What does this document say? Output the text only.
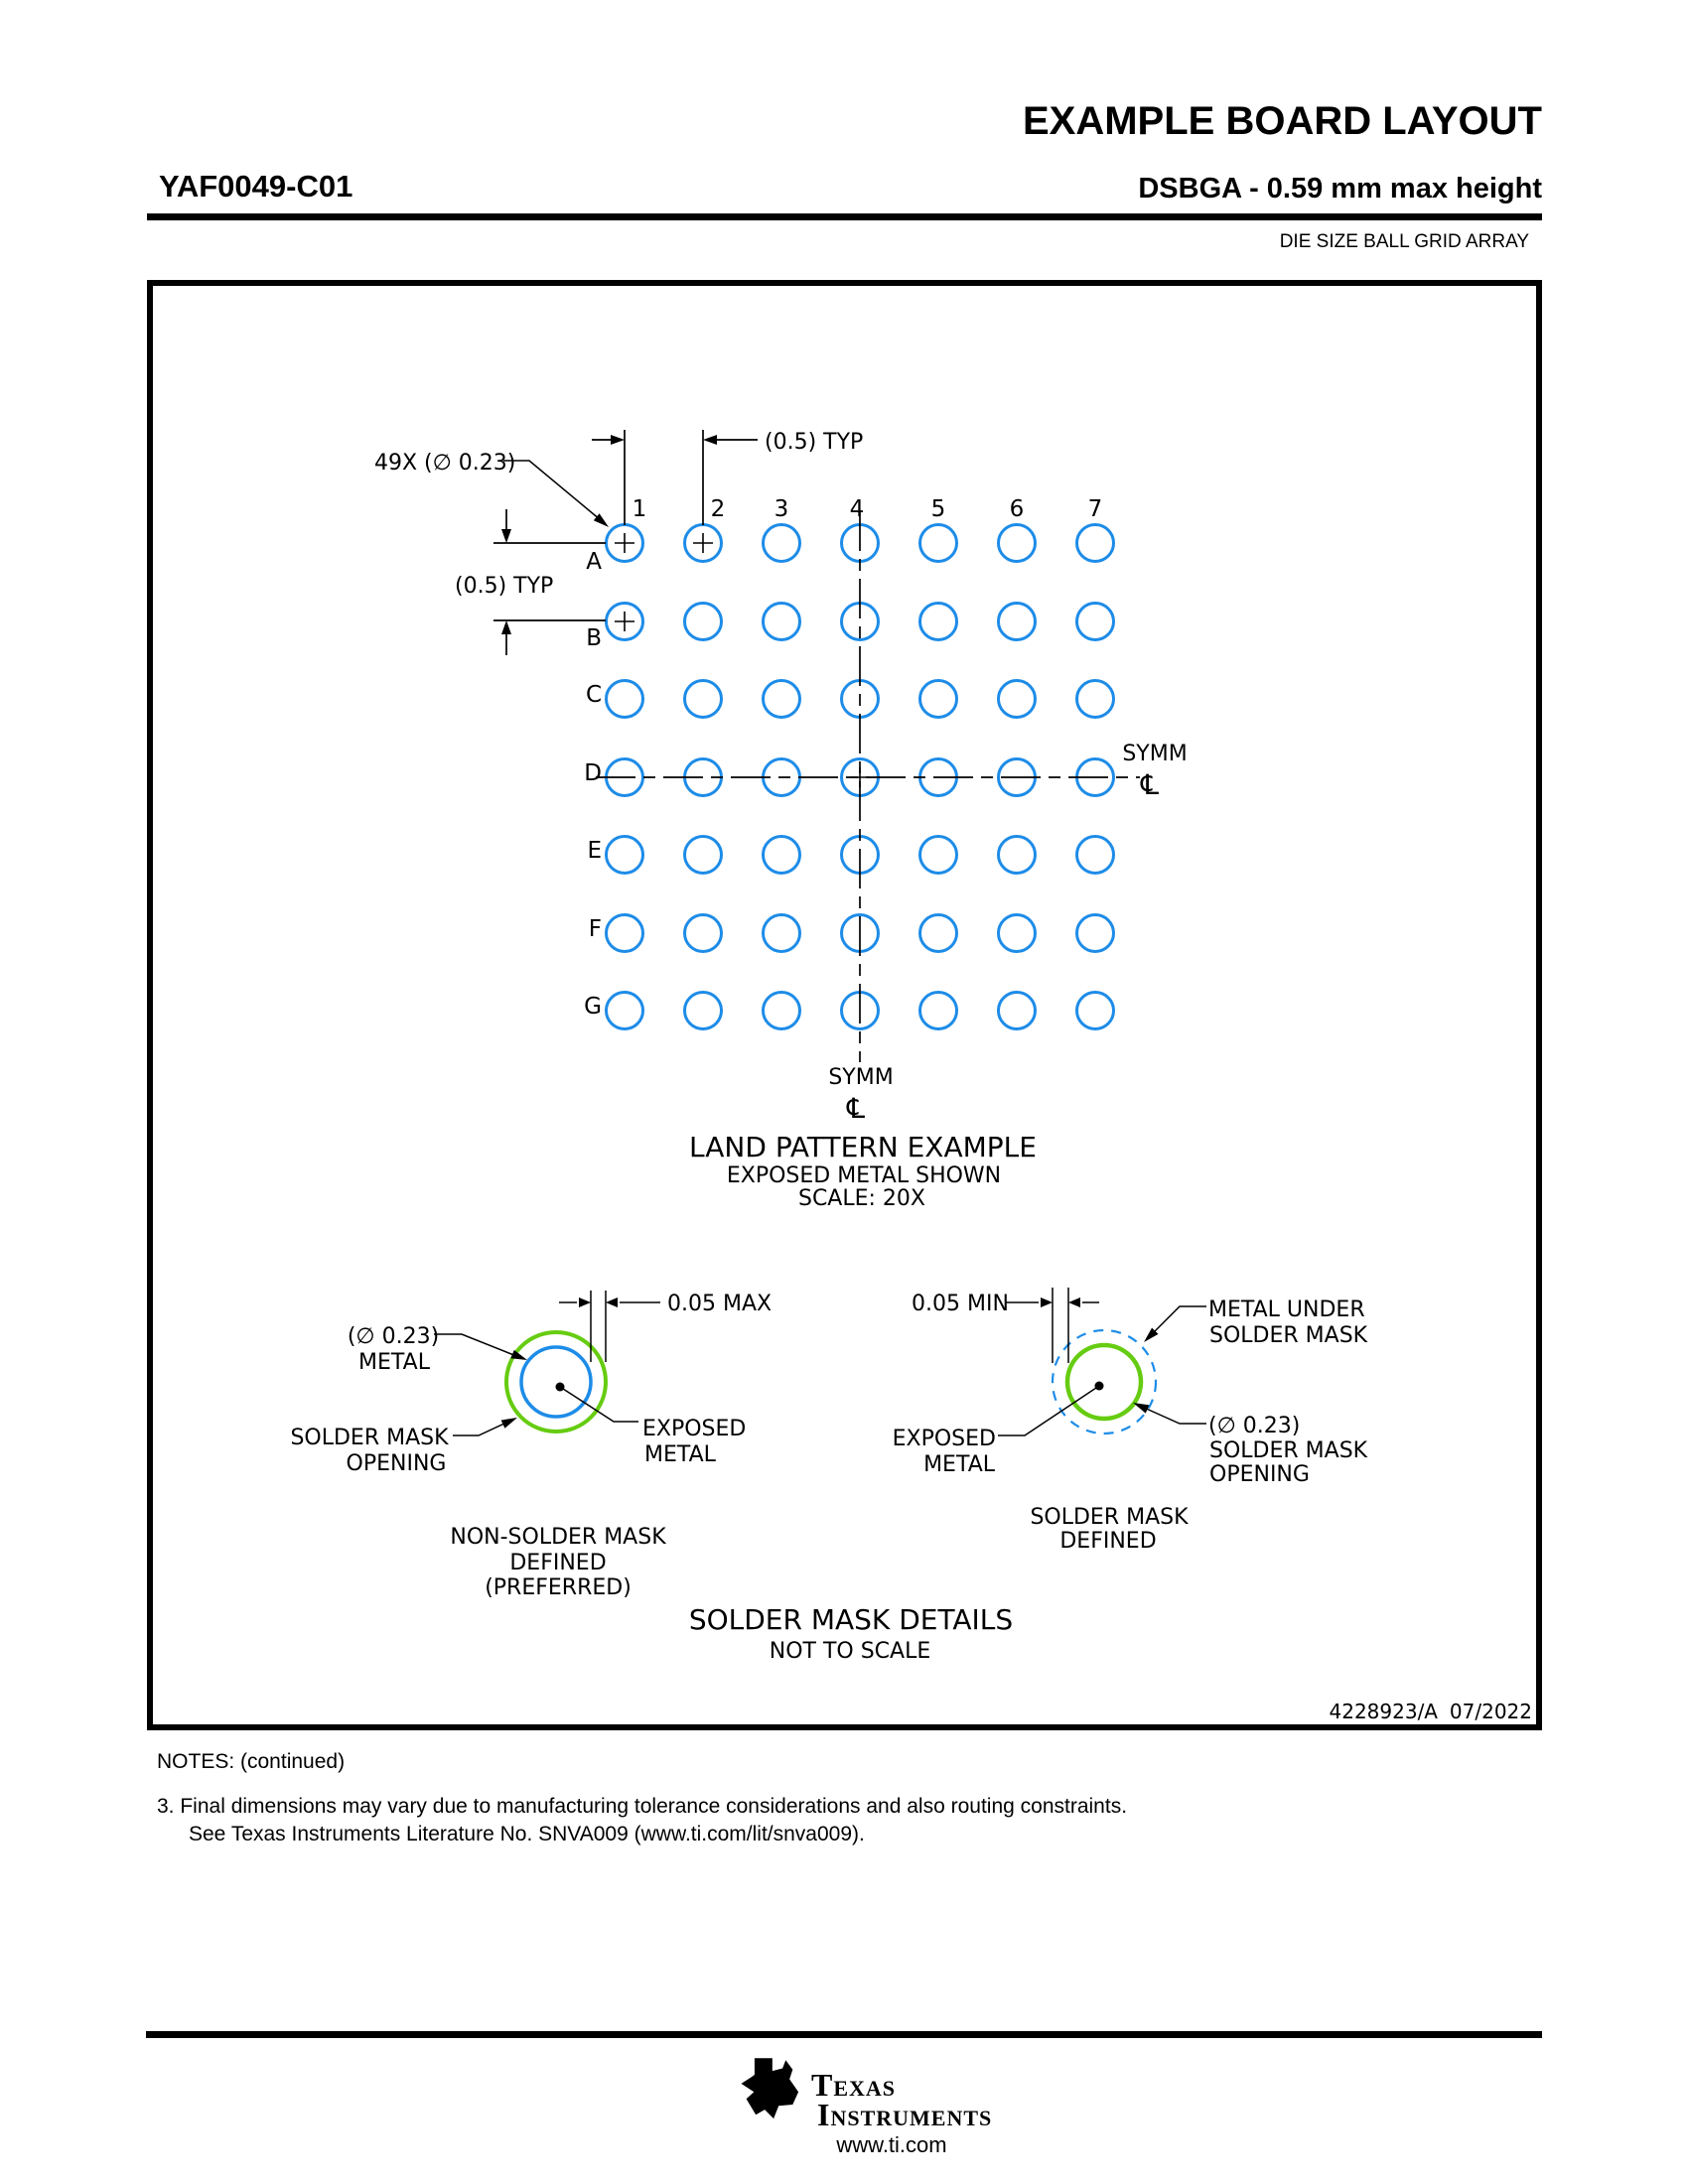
EXAMPLE BOARD LAYOUT
YAF0049-C01	DSBGA - 0.59 mm max height
DIE SIZE BALL GRID ARRAY
1	2 3	4	5	6	7
A
B
C
D
E
F
G
SYMM
℄
SYMM
℄
(0.5) TYP
(0.5) TYP
49X (∅ 0.23)
LAND PATTERN EXAMPLE
EXPOSED METAL SHOWN
SCALE: 20X
(∅ 0.23)
METAL
0.05 MAX
SOLDER MASK
OPENING
EXPOSED
METAL
NON-SOLDER MASK
DEFINED
(PREFERRED)
0.05 MIN	METAL UNDER
SOLDER MASK
(∅ 0.23)
SOLDER MASK
OPENING
EXPOSED
METAL
SOLDER MASK
DEFINED
SOLDER MASK DETAILS
NOT TO SCALE
4228923/A 07/2022
NOTES: (continued)
3. Final dimensions may vary due to manufacturing tolerance considerations and also routing constraints.
See Texas Instruments Literature No. SNVA009 (www.ti.com/lit/snva009).
ti Texas
Instruments
www.ti.com
